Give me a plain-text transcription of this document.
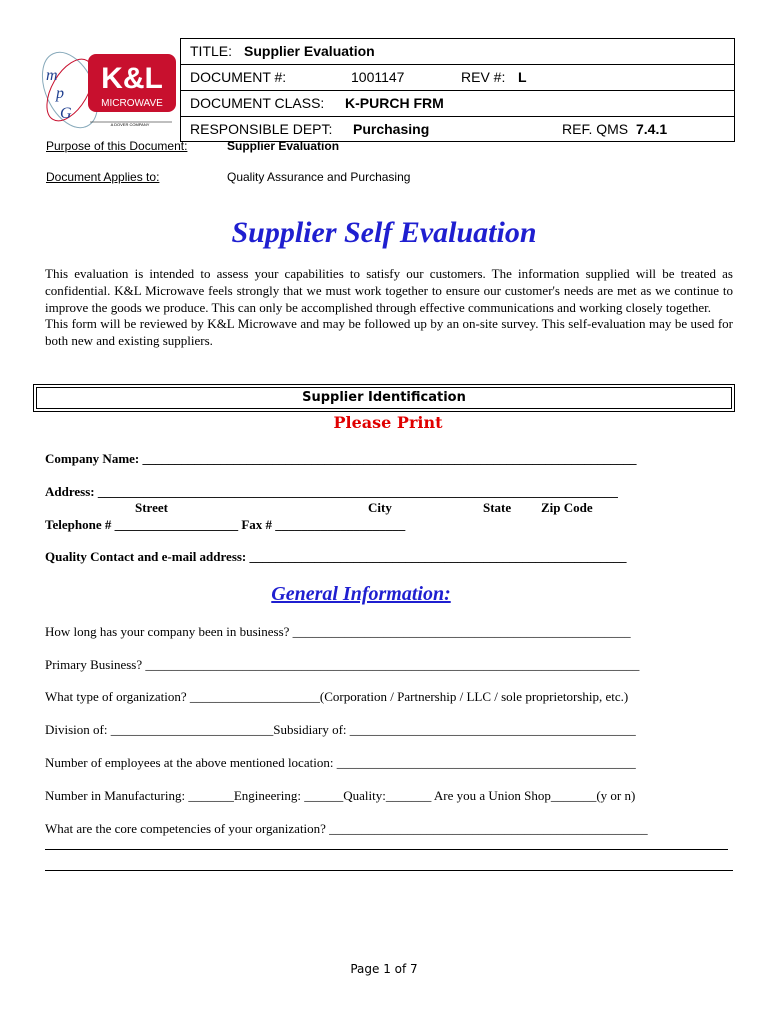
m
p
G
K&L
MICROWAVE
A DOVER COMPANY
TITLE: Supplier Evaluation
DOCUMENT #:	1001147	REV #: L
DOCUMENT CLASS: K-PURCH FRM
RESPONSIBLE DEPT: Purchasing	REF. QMS 7.4.1
Purpose of this Document:	Supplier Evaluation
Document Applies to:	Quality Assurance and Purchasing
Supplier Self Evaluation

This evaluation is intended to assess your capabilities to satisfy our customers. The information supplied will be treated as confidential. K&L Microwave feels strongly that we must work together to ensure our customer's needs are met as we continue to improve the goods we produce. This can only be accomplished through effective communications and working closely together.

This form will be reviewed by K&L Microwave and may be followed up by an on-site survey. This self-evaluation may be used for both new and existing suppliers.

Supplier Identification
Please Print
Company Name: ____________________________________________________________________________
Address: ________________________________________________________________________________
Street	City	State Zip Code
Telephone # ___________________ Fax # ____________________
Quality Contact and e-mail address: __________________________________________________________
General Information:
How long has your company been in business? ____________________________________________________
Primary Business? ____________________________________________________________________________
What type of organization? ____________________(Corporation / Partnership / LLC / sole proprietorship, etc.)
Division of: _________________________Subsidiary of: ____________________________________________
Number of employees at the above mentioned location: ______________________________________________
Number in Manufacturing: _______Engineering: ______Quality:_______ Are you a Union Shop_______(y or n)
What are the core competencies of your organization? _________________________________________________
Page 1 of 7
